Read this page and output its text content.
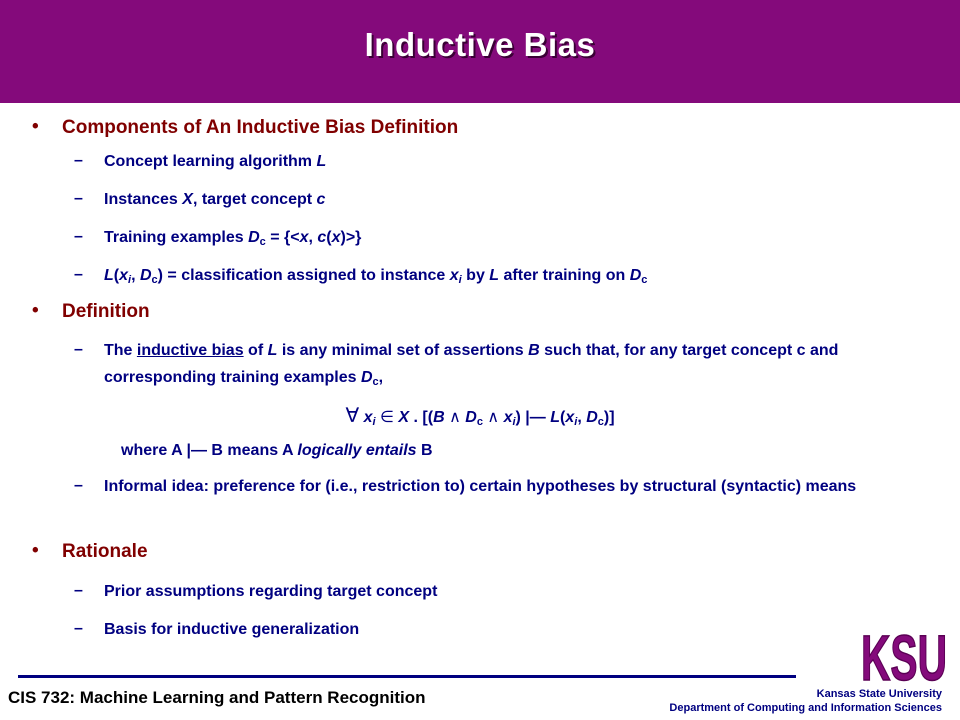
Inductive Bias
• Components of An Inductive Bias Definition
– Concept learning algorithm L
– Instances X, target concept c
– Training examples $D_c = \{<x$, c(x)>}
– $L(x_i$, $D_c$) = classification assigned to instance $x_i$ by L after training on $D_c$
• Definition
– The inductive bias of L is any minimal set of assertions B such that, for any target concept c and corresponding training examples $D_c$,
∀ $x_i$ ∈ X . [(B ∧ $D_c$ ∧ $x_i$) |— $L(x_i$, $D_c$)]
where A |— B means A logically entails B
– Informal idea: preference for (i.e., restriction to) certain hypotheses by structural (syntactic) means
• Rationale
– Prior assumptions regarding target concept
– Basis for inductive generalization
CIS 732: Machine Learning and Pattern Recognition	Kansas State University
Department of Computing and Information Sciences
KSU
